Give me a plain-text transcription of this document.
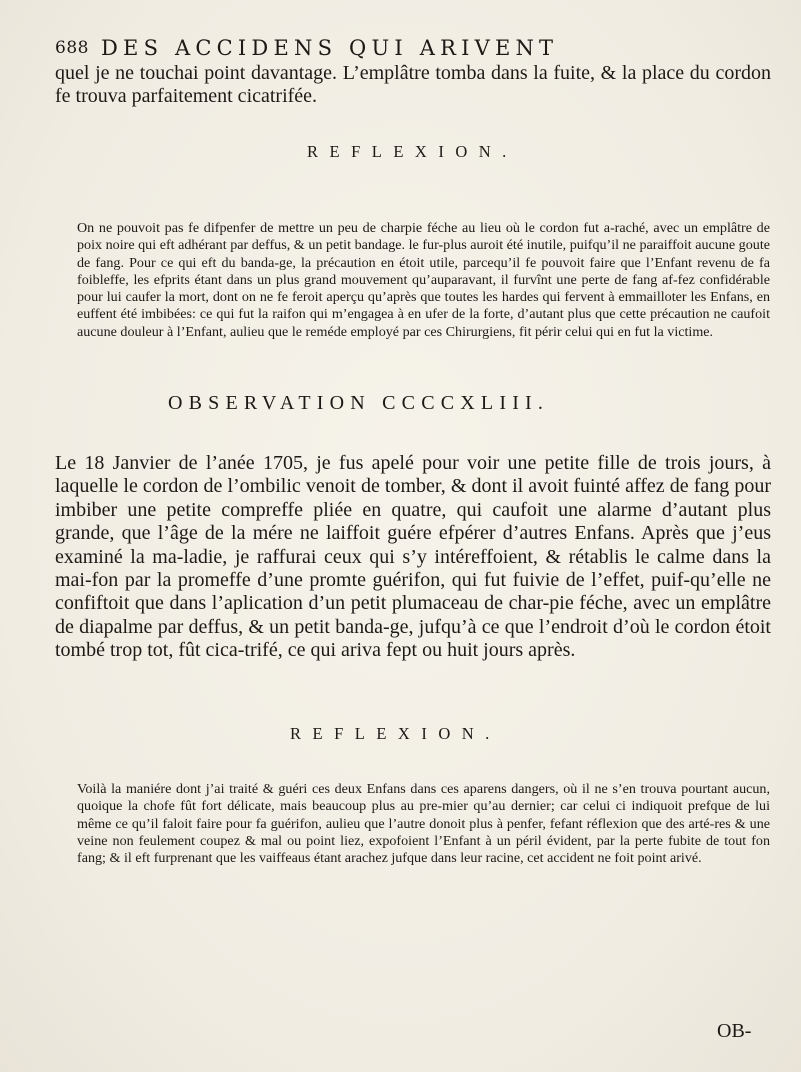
688 DES ACCIDENS QUI ARIVENT
quel je ne touchai point davantage. L’emplâtre tomba dans la fuite, & la place du cordon fe trouva parfaitement cicatrifée.
REFLEXION.
On ne pouvoit pas fe difpenfer de mettre un peu de charpie féche au lieu où le cordon fut a-raché, avec un emplâtre de poix noire qui eft adhérant par deffus, & un petit bandage. le fur-plus auroit été inutile, puifqu’il ne paraiffoit aucune goute de fang. Pour ce qui eft du banda-ge, la précaution en étoit utile, parcequ’il fe pouvoit faire que l’Enfant revenu de fa foibleffe, les efprits étant dans un plus grand mouvement qu’auparavant, il furvînt une perte de fang af-fez confidérable pour lui caufer la mort, dont on ne fe feroit aperçu qu’après que toutes les hardes qui fervent à emmailloter les Enfans, en euffent été imbibées: ce qui fut la raifon qui m’engagea à en ufer de la forte, d’autant plus que cette précaution ne caufoit aucune douleur à l’Enfant, aulieu que le reméde employé par ces Chirurgiens, fit périr celui qui en fut la victime.
OBSERVATION CCCCXLIII.
Le 18 Janvier de l’anée 1705, je fus apelé pour voir une petite fille de trois jours, à laquelle le cordon de l’ombilic venoit de tomber, & dont il avoit fuinté affez de fang pour imbiber une petite compreffe pliée en quatre, qui caufoit une alarme d’autant plus grande, que l’âge de la mére ne laiffoit guére efpérer d’autres Enfans. Après que j’eus examiné la ma-ladie, je raffurai ceux qui s’y intéreffoient, & rétablis le calme dans la mai-fon par la promeffe d’une promte guérifon, qui fut fuivie de l’effet, puif-qu’elle ne confiftoit que dans l’aplication d’un petit plumaceau de char-pie féche, avec un emplâtre de diapalme par deffus, & un petit banda-ge, jufqu’à ce que l’endroit d’où le cordon étoit tombé trop tot, fût cica-trifé, ce qui ariva fept ou huit jours après.
REFLEXION.
Voilà la maniére dont j’ai traité & guéri ces deux Enfans dans ces aparens dangers, où il ne s’en trouva pourtant aucun, quoique la chofe fût fort délicate, mais beaucoup plus au pre-mier qu’au dernier; car celui ci indiquoit prefque de lui même ce qu’il faloit faire pour fa guérifon, aulieu que l’autre donoit plus à penfer, fefant réflexion que des arté-res & une veine non feulement coupez & mal ou point liez, expofoient l’Enfant à un péril évident, par la perte fubite de tout fon fang; & il eft furprenant que les vaiffeaus étant arachez jufque dans leur racine, cet accident ne foit point arivé.
OB-
